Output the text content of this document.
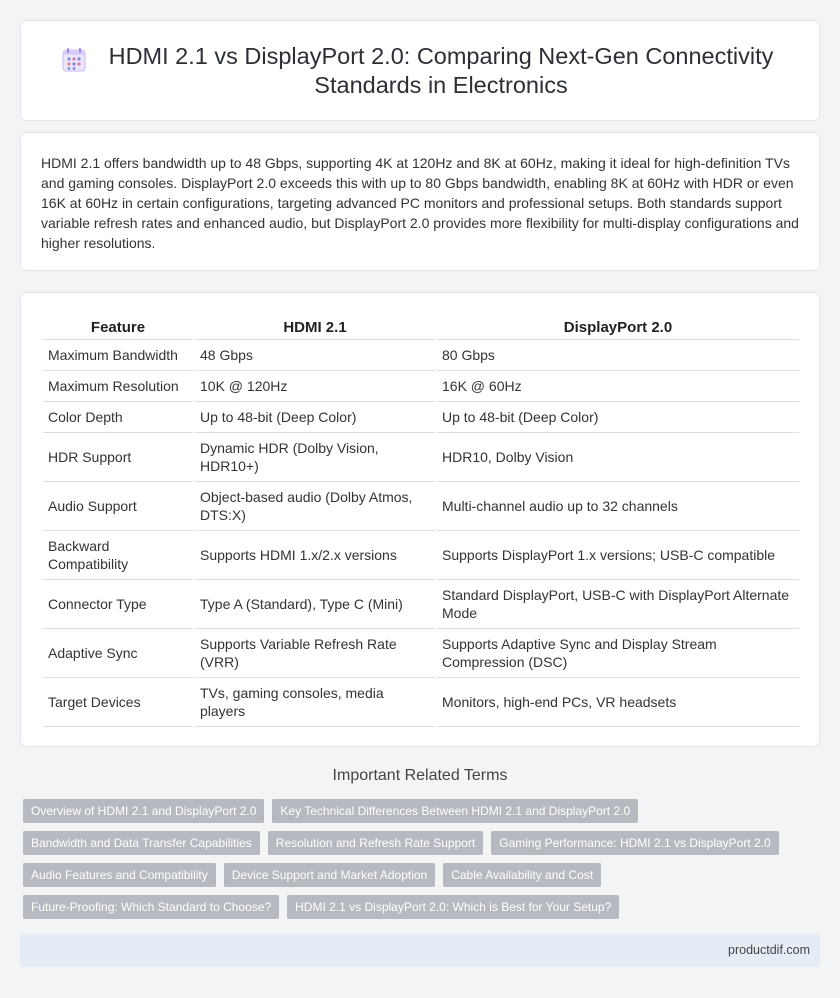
HDMI 2.1 vs DisplayPort 2.0: Comparing Next-Gen Connectivity Standards in Electronics

HDMI 2.1 offers bandwidth up to 48 Gbps, supporting 4K at 120Hz and 8K at 60Hz, making it ideal for high-definition TVs and gaming consoles. DisplayPort 2.0 exceeds this with up to 80 Gbps bandwidth, enabling 8K at 60Hz with HDR or even 16K at 60Hz in certain configurations, targeting advanced PC monitors and professional setups. Both standards support variable refresh rates and enhanced audio, but DisplayPort 2.0 provides more flexibility for multi-display configurations and higher resolutions.

Feature	HDMI 2.1	DisplayPort 2.0
Maximum Bandwidth	48 Gbps	80 Gbps
Maximum Resolution	10K @ 120Hz	16K @ 60Hz
Color Depth	Up to 48-bit (Deep Color)	Up to 48-bit (Deep Color)
HDR Support	Dynamic HDR (Dolby Vision, HDR10+)	HDR10, Dolby Vision
Audio Support	Object-based audio (Dolby Atmos, DTS:X)	Multi-channel audio up to 32 channels
Backward Compatibility	Supports HDMI 1.x/2.x versions	Supports DisplayPort 1.x versions; USB-C compatible
Connector Type	Type A (Standard), Type C (Mini)	Standard DisplayPort, USB-C with DisplayPort Alternate Mode
Adaptive Sync	Supports Variable Refresh Rate (VRR)	Supports Adaptive Sync and Display Stream Compression (DSC)
Target Devices	TVs, gaming consoles, media players	Monitors, high-end PCs, VR headsets
Important Related Terms
Overview of HDMI 2.1 and DisplayPort 2.0	Key Technical Differences Between HDMI 2.1 and DisplayPort 2.0
Bandwidth and Data Transfer Capabilities	Resolution and Refresh Rate Support	Gaming Performance: HDMI 2.1 vs DisplayPort 2.0
Audio Features and Compatibility	Device Support and Market Adoption	Cable Availability and Cost
Future-Proofing: Which Standard to Choose?	HDMI 2.1 vs DisplayPort 2.0: Which is Best for Your Setup?
productdif.com
